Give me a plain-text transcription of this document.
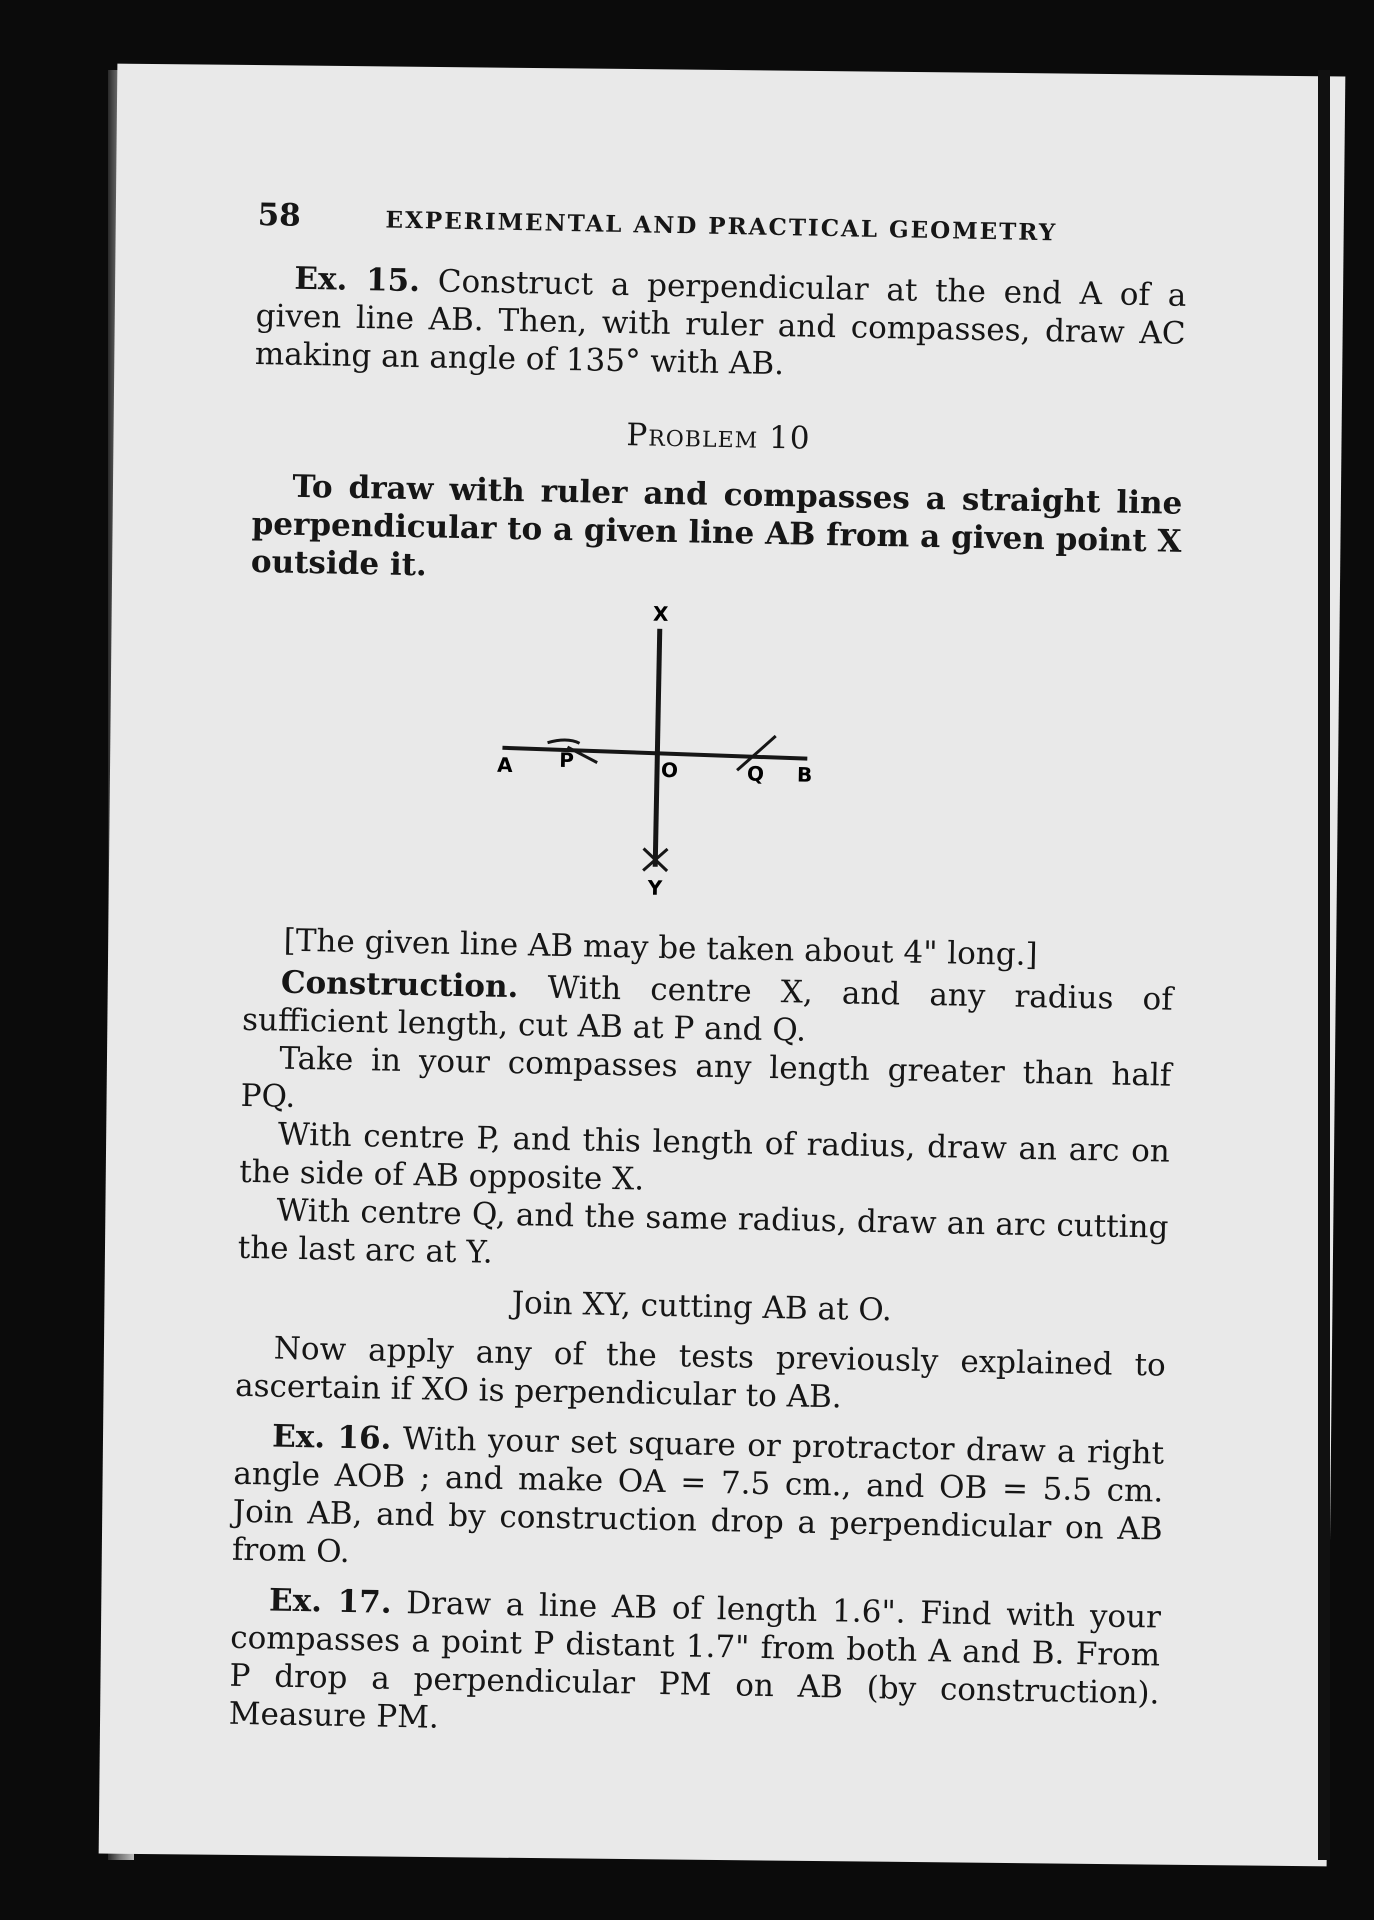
58	EXPERIMENTAL AND PRACTICAL GEOMETRY

Ex. 15. Construct a perpendicular at the end A of a given line AB. Then, with ruler and compasses, draw AC making an angle of 135° with AB.

Problem 10

To draw with ruler and compasses a straight line perpendicular to a given line AB from a given point X outside it.

X
Y
A P	O	Q B

[The given line AB may be taken about 4" long.]

Construction. With centre X, and any radius of sufficient length, cut AB at P and Q.

Take in your compasses any length greater than half PQ.

With centre P, and this length of radius, draw an arc on the side of AB opposite X.

With centre Q, and the same radius, draw an arc cutting the last arc at Y.

Join XY, cutting AB at O.

Now apply any of the tests previously explained to ascertain if XO is perpendicular to AB.

Ex. 16. With your set square or protractor draw a right angle AOB ; and make OA = 7.5 cm., and OB = 5.5 cm. Join AB, and by construction drop a perpendicular on AB from O.

Ex. 17. Draw a line AB of length 1.6". Find with your compasses a point P distant 1.7" from both A and B. From P drop a perpendicular PM on AB (by construction). Measure PM.
